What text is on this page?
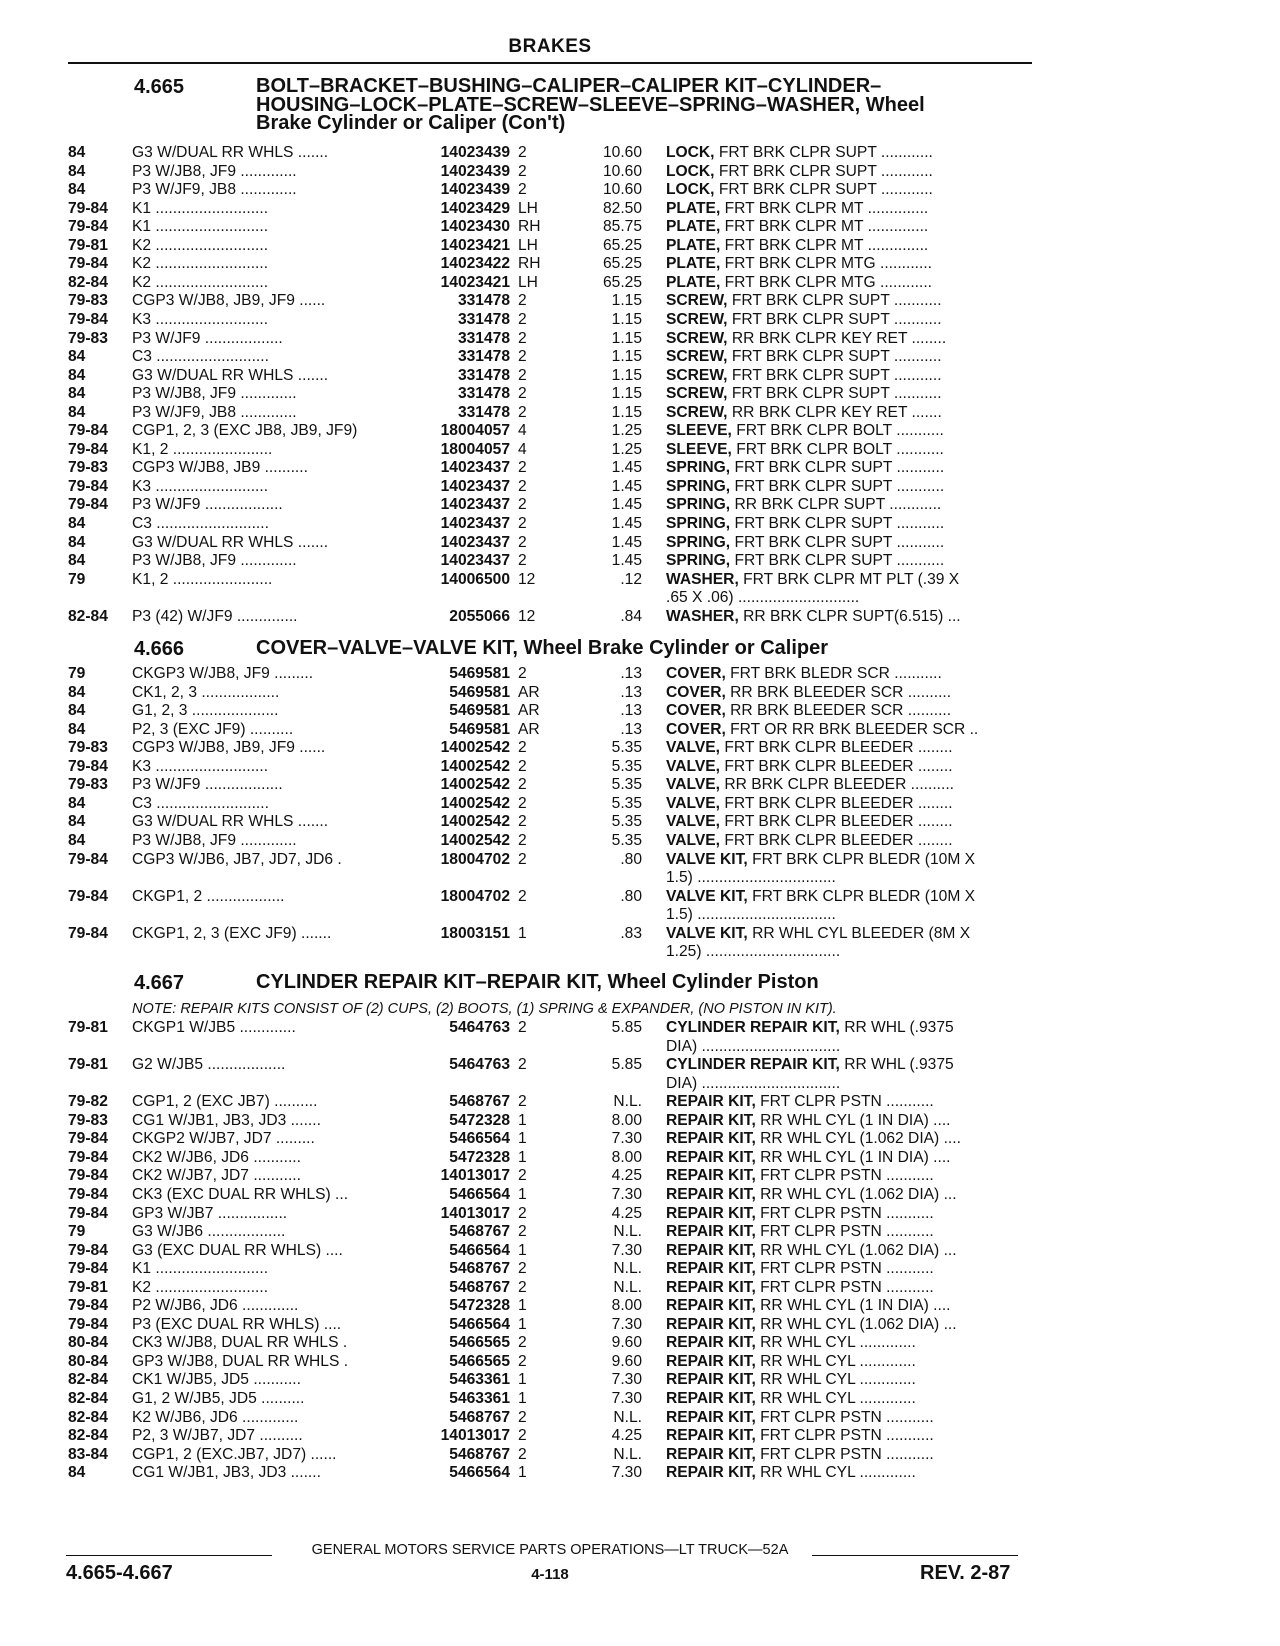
BRAKES
GENERAL MOTORS SERVICE PARTS OPERATIONS—LT TRUCK—52A
4.665-4.667	4-118	REV. 2-87
4.665	BOLT–BRACKET–BUSHING–CALIPER–CALIPER KIT–CYLINDER–
HOUSING–LOCK–PLATE–SCREW–SLEEVE–SPRING–WASHER, Wheel
Brake Cylinder or Caliper (Con't)
84	G3 W/DUAL RR WHLS .......	14023439 2	10.60 LOCK, FRT BRK CLPR SUPT ............
84	P3 W/JB8, JF9 .............	14023439 2	10.60 LOCK, FRT BRK CLPR SUPT ............
84	P3 W/JF9, JB8 .............	14023439 2	10.60 LOCK, FRT BRK CLPR SUPT ............
79-84 K1 ..........................	14023429 LH	82.50 PLATE, FRT BRK CLPR MT ..............
79-84 K1 ..........................	14023430 RH	85.75 PLATE, FRT BRK CLPR MT ..............
79-81 K2 ..........................	14023421 LH	65.25 PLATE, FRT BRK CLPR MT ..............
79-84 K2 ..........................	14023422 RH	65.25 PLATE, FRT BRK CLPR MTG ............
82-84 K2 ..........................	14023421 LH	65.25 PLATE, FRT BRK CLPR MTG ............
79-83 CGP3 W/JB8, JB9, JF9 ......	331478 2	1.15 SCREW, FRT BRK CLPR SUPT ...........
79-84 K3 ..........................	331478 2	1.15 SCREW, FRT BRK CLPR SUPT ...........
79-83 P3 W/JF9 ..................	331478 2	1.15 SCREW, RR BRK CLPR KEY RET ........
84	C3 ..........................	331478 2	1.15 SCREW, FRT BRK CLPR SUPT ...........
84	G3 W/DUAL RR WHLS .......	331478 2	1.15 SCREW, FRT BRK CLPR SUPT ...........
84	P3 W/JB8, JF9 .............	331478 2	1.15 SCREW, FRT BRK CLPR SUPT ...........
84	P3 W/JF9, JB8 .............	331478 2	1.15 SCREW, RR BRK CLPR KEY RET .......
79-84 CGP1, 2, 3 (EXC JB8, JB9, JF9)	18004057 4	1.25 SLEEVE, FRT BRK CLPR BOLT ...........
79-84 K1, 2 .......................	18004057 4	1.25 SLEEVE, FRT BRK CLPR BOLT ...........
79-83 CGP3 W/JB8, JB9 ..........	14023437 2	1.45 SPRING, FRT BRK CLPR SUPT ...........
79-84 K3 ..........................	14023437 2	1.45 SPRING, FRT BRK CLPR SUPT ...........
79-84 P3 W/JF9 ..................	14023437 2	1.45 SPRING, RR BRK CLPR SUPT ............
84	C3 ..........................	14023437 2	1.45 SPRING, FRT BRK CLPR SUPT ...........
84	G3 W/DUAL RR WHLS .......	14023437 2	1.45 SPRING, FRT BRK CLPR SUPT ...........
84	P3 W/JB8, JF9 .............	14023437 2	1.45 SPRING, FRT BRK CLPR SUPT ...........
79	K1, 2 .......................	14006500 12	.12 WASHER, FRT BRK CLPR MT PLT (.39 X
.65 X .06) ............................
82-84 P3 (42) W/JF9 ..............	2055066 12	.84 WASHER, RR BRK CLPR SUPT(6.515) ...
4.666	COVER–VALVE–VALVE KIT, Wheel Brake Cylinder or Caliper
79	CKGP3 W/JB8, JF9 .........	5469581 2	.13 COVER, FRT BRK BLEDR SCR ...........
84	CK1, 2, 3 ..................	5469581 AR	.13 COVER, RR BRK BLEEDER SCR ..........
84	G1, 2, 3 ....................	5469581 AR	.13 COVER, RR BRK BLEEDER SCR ..........
84	P2, 3 (EXC JF9) ..........	5469581 AR	.13 COVER, FRT OR RR BRK BLEEDER SCR ..
79-83 CGP3 W/JB8, JB9, JF9 ......	14002542 2	5.35 VALVE, FRT BRK CLPR BLEEDER ........
79-84 K3 ..........................	14002542 2	5.35 VALVE, FRT BRK CLPR BLEEDER ........
79-83 P3 W/JF9 ..................	14002542 2	5.35 VALVE, RR BRK CLPR BLEEDER ..........
84	C3 ..........................	14002542 2	5.35 VALVE, FRT BRK CLPR BLEEDER ........
84	G3 W/DUAL RR WHLS .......	14002542 2	5.35 VALVE, FRT BRK CLPR BLEEDER ........
84	P3 W/JB8, JF9 .............	14002542 2	5.35 VALVE, FRT BRK CLPR BLEEDER ........
79-84 CGP3 W/JB6, JB7, JD7, JD6 .	18004702 2	.80 VALVE KIT, FRT BRK CLPR BLEDR (10M X
1.5) ................................
79-84 CKGP1, 2 ..................	18004702 2	.80 VALVE KIT, FRT BRK CLPR BLEDR (10M X
1.5) ................................
79-84 CKGP1, 2, 3 (EXC JF9) .......	18003151 1	.83 VALVE KIT, RR WHL CYL BLEEDER (8M X
1.25) ...............................
4.667	CYLINDER REPAIR KIT–REPAIR KIT, Wheel Cylinder Piston
NOTE: REPAIR KITS CONSIST OF (2) CUPS, (2) BOOTS, (1) SPRING & EXPANDER, (NO PISTON IN KIT).
79-81 CKGP1 W/JB5 .............	5464763 2	5.85 CYLINDER REPAIR KIT, RR WHL (.9375
DIA) ................................
79-81 G2 W/JB5 ..................	5464763 2	5.85 CYLINDER REPAIR KIT, RR WHL (.9375
DIA) ................................
79-82 CGP1, 2 (EXC JB7) ..........	5468767 2	N.L. REPAIR KIT, FRT CLPR PSTN ...........
79-83 CG1 W/JB1, JB3, JD3 .......	5472328 1	8.00 REPAIR KIT, RR WHL CYL (1 IN DIA) ....
79-84 CKGP2 W/JB7, JD7 .........	5466564 1	7.30 REPAIR KIT, RR WHL CYL (1.062 DIA) ....
79-84 CK2 W/JB6, JD6 ...........	5472328 1	8.00 REPAIR KIT, RR WHL CYL (1 IN DIA) ....
79-84 CK2 W/JB7, JD7 ...........	14013017 2	4.25 REPAIR KIT, FRT CLPR PSTN ...........
79-84 CK3 (EXC DUAL RR WHLS) ...	5466564 1	7.30 REPAIR KIT, RR WHL CYL (1.062 DIA) ...
79-84 GP3 W/JB7 ................	14013017 2	4.25 REPAIR KIT, FRT CLPR PSTN ...........
79	G3 W/JB6 ..................	5468767 2	N.L. REPAIR KIT, FRT CLPR PSTN ...........
79-84 G3 (EXC DUAL RR WHLS) ....	5466564 1	7.30 REPAIR KIT, RR WHL CYL (1.062 DIA) ...
79-84 K1 ..........................	5468767 2	N.L. REPAIR KIT, FRT CLPR PSTN ...........
79-81 K2 ..........................	5468767 2	N.L. REPAIR KIT, FRT CLPR PSTN ...........
79-84 P2 W/JB6, JD6 .............	5472328 1	8.00 REPAIR KIT, RR WHL CYL (1 IN DIA) ....
79-84 P3 (EXC DUAL RR WHLS) ....	5466564 1	7.30 REPAIR KIT, RR WHL CYL (1.062 DIA) ...
80-84 CK3 W/JB8, DUAL RR WHLS .	5466565 2	9.60 REPAIR KIT, RR WHL CYL .............
80-84 GP3 W/JB8, DUAL RR WHLS .	5466565 2	9.60 REPAIR KIT, RR WHL CYL .............
82-84 CK1 W/JB5, JD5 ...........	5463361 1	7.30 REPAIR KIT, RR WHL CYL .............
82-84 G1, 2 W/JB5, JD5 ..........	5463361 1	7.30 REPAIR KIT, RR WHL CYL .............
82-84 K2 W/JB6, JD6 .............	5468767 2	N.L. REPAIR KIT, FRT CLPR PSTN ...........
82-84 P2, 3 W/JB7, JD7 ..........	14013017 2	4.25 REPAIR KIT, FRT CLPR PSTN ...........
83-84 CGP1, 2 (EXC.JB7, JD7) ......	5468767 2	N.L. REPAIR KIT, FRT CLPR PSTN ...........
84	CG1 W/JB1, JB3, JD3 .......	5466564 1	7.30 REPAIR KIT, RR WHL CYL .............
